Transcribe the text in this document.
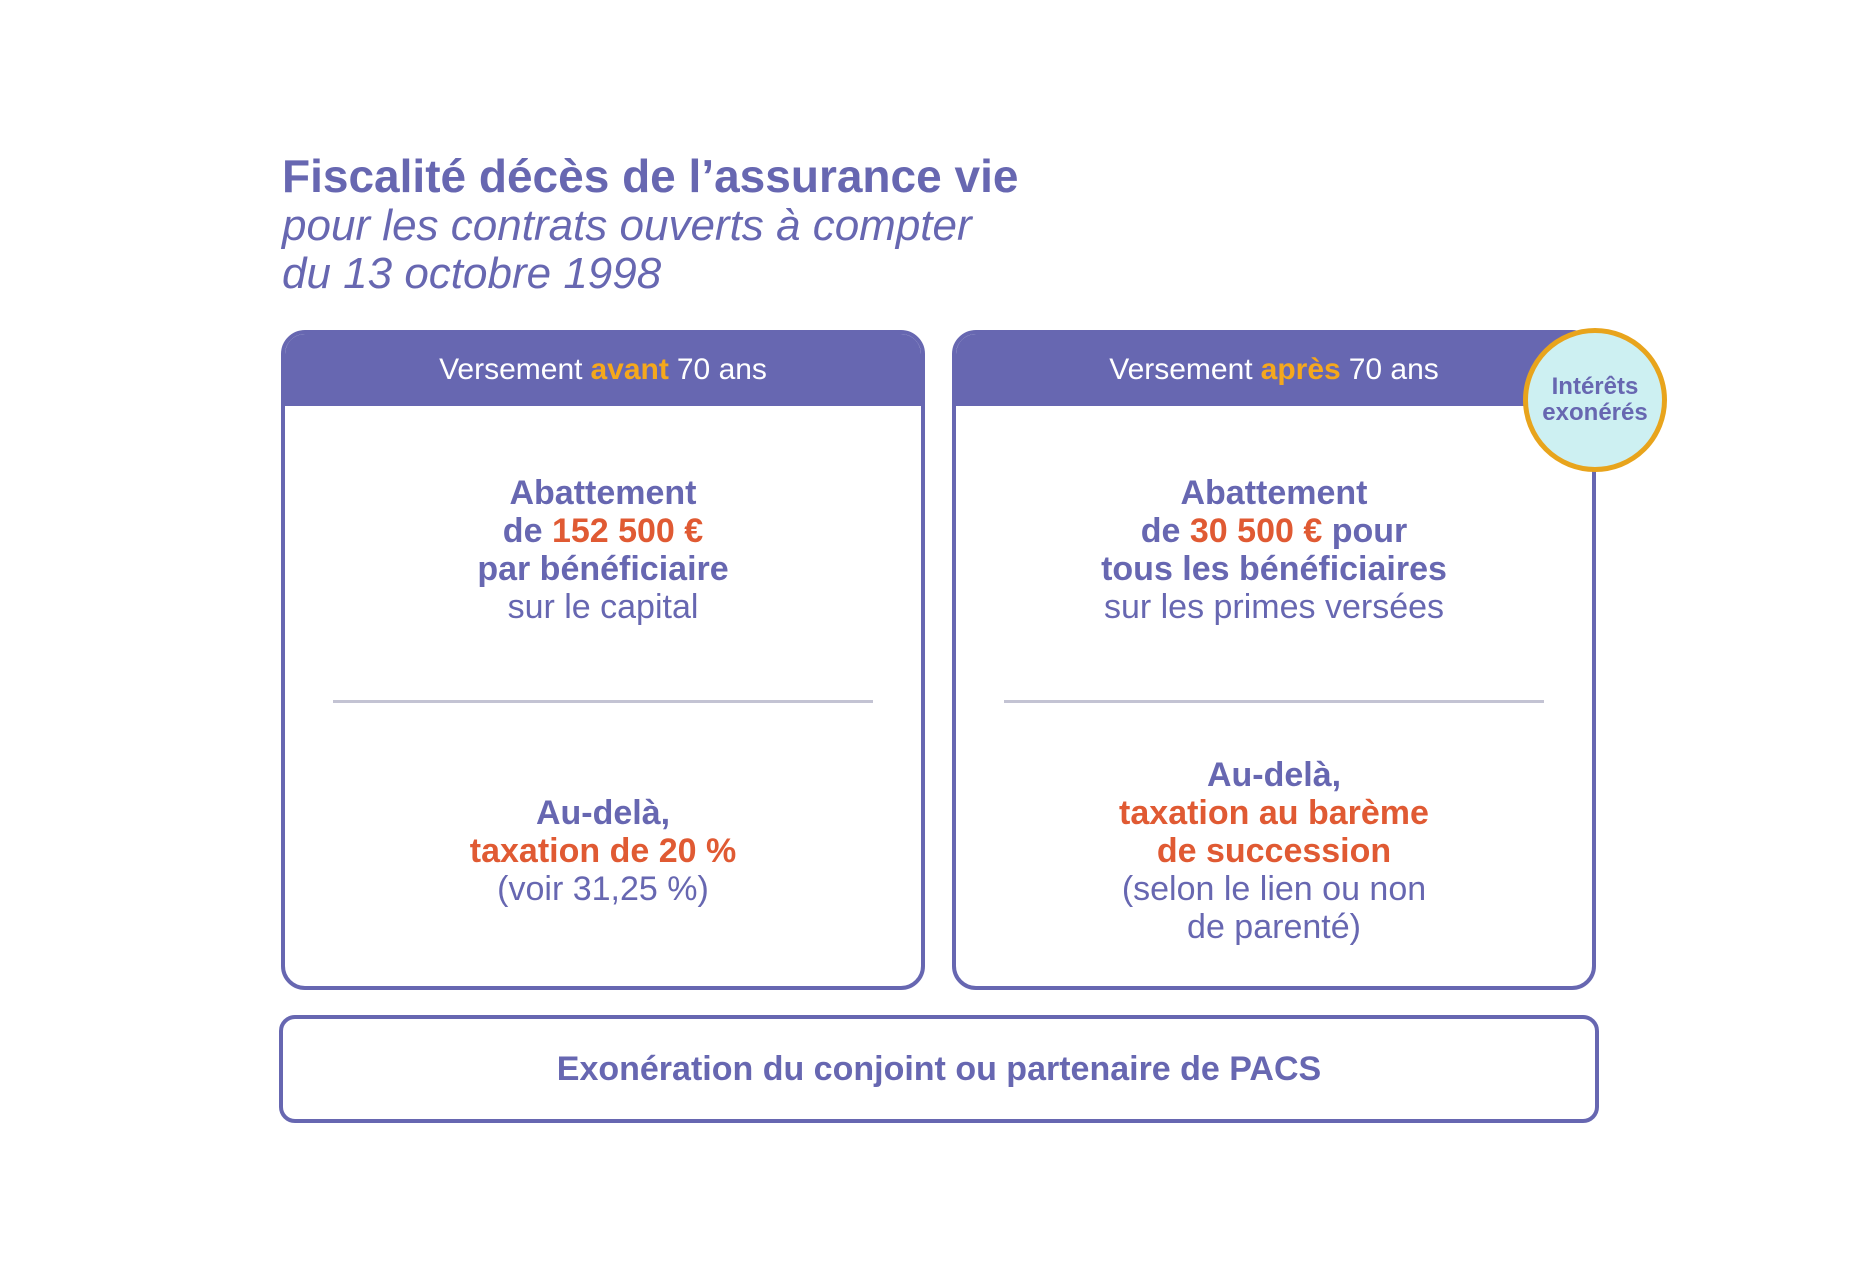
Fiscalité décès de l’assurance vie
pour les contrats ouverts à compter
du 13 octobre 1998
Versement avant 70 ans
Abattement
de 152 500 €
par bénéficiaire
sur le capital
Au-delà,
taxation de 20 %
(voir 31,25 %)
Versement après 70 ans
Abattement
de 30 500 € pour
tous les bénéficiaires
sur les primes versées
Au-delà,
taxation au barème
de succession
(selon le lien ou non
de parenté)
Intérêts
exonérés
Exonération du conjoint ou partenaire de PACS
